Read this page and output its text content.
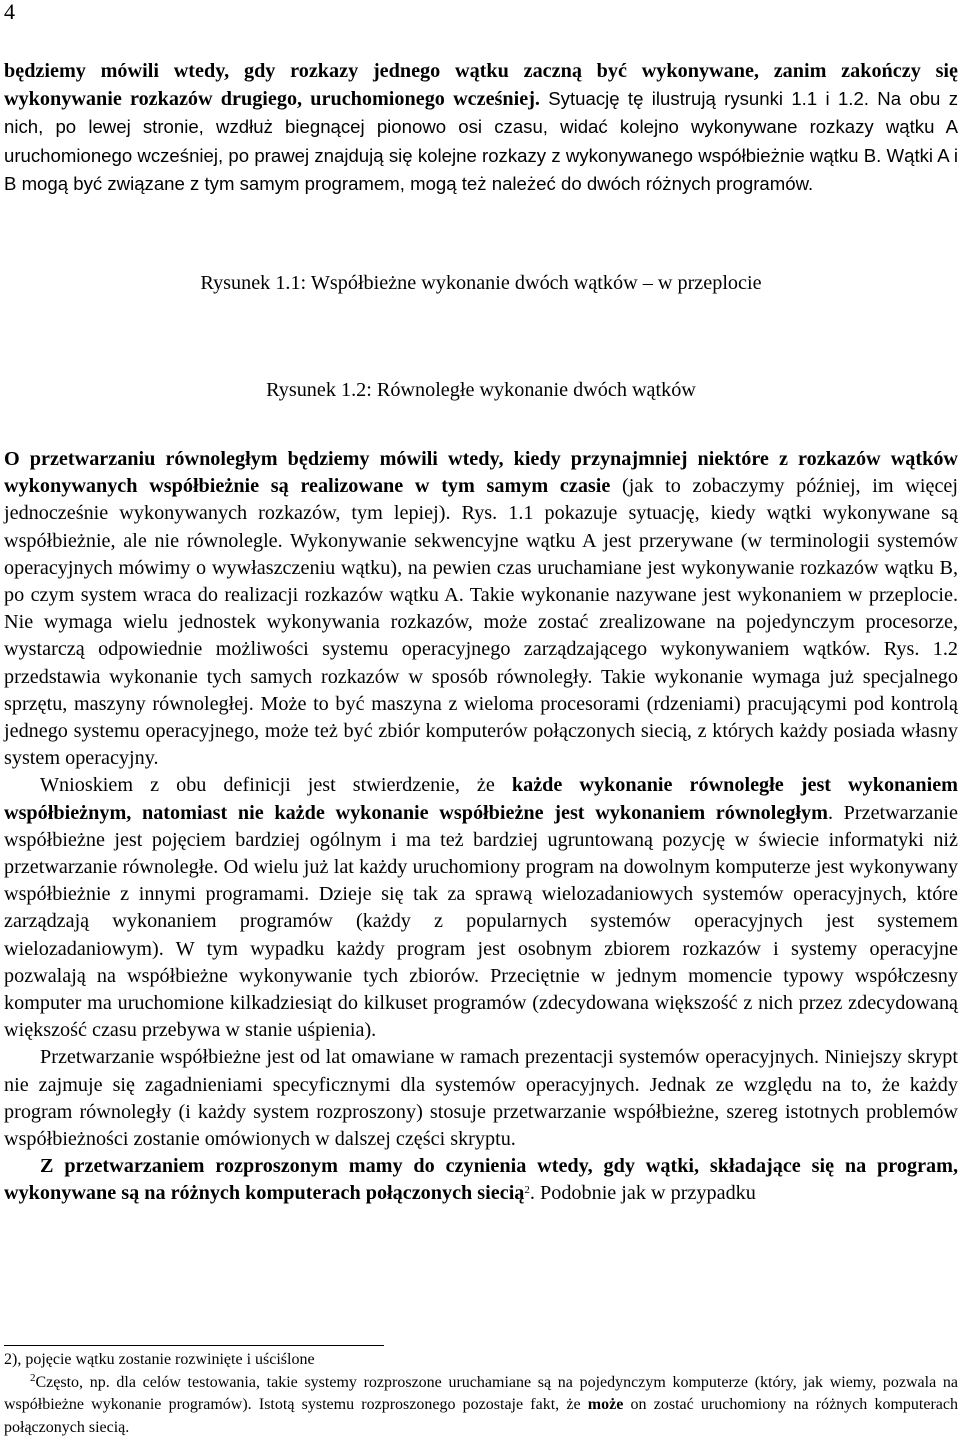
4

będziemy mówili wtedy, gdy rozkazy jednego wątku zaczną być wykonywane, zanim zakończy się wykonywanie rozkazów drugiego, uruchomionego wcześniej. Sytuację tę ilustrują rysunki 1.1 i 1.2. Na obu z nich, po lewej stronie, wzdłuż biegnącej pionowo osi czasu, widać kolejno wykonywane rozkazy wątku A uruchomionego wcześniej, po prawej znajdują się kolejne rozkazy z wykonywanego współbieżnie wątku B. Wątki A i B mogą być związane z tym samym programem, mogą też należeć do dwóch różnych programów.

Rysunek 1.1: Współbieżne wykonanie dwóch wątków – w przeplocie
Rysunek 1.2: Równoległe wykonanie dwóch wątków

O przetwarzaniu równoległym będziemy mówili wtedy, kiedy przynajmniej niektóre z rozkazów wątków wykonywanych współbieżnie są realizowane w tym samym czasie (jak to zobaczymy później, im więcej jednocześnie wykonywanych rozkazów, tym lepiej). Rys. 1.1 pokazuje sytuację, kiedy wątki wykonywane są współbieżnie, ale nie równolegle. Wykonywanie sekwencyjne wątku A jest przerywane (w terminologii systemów operacyjnych mówimy o wywłaszczeniu wątku), na pewien czas uruchamiane jest wykonywanie rozkazów wątku B, po czym system wraca do realizacji rozkazów wątku A. Takie wykonanie nazywane jest wykonaniem w przeplocie. Nie wymaga wielu jednostek wykonywania rozkazów, może zostać zrealizowane na pojedynczym procesorze, wystarczą odpowiednie możliwości systemu operacyjnego zarządzającego wykonywaniem wątków. Rys. 1.2 przedstawia wykonanie tych samych rozkazów w sposób równoległy. Takie wykonanie wymaga już specjalnego sprzętu, maszyny równoległej. Może to być maszyna z wieloma procesorami (rdzeniami) pracującymi pod kontrolą jednego systemu operacyjnego, może też być zbiór komputerów połączonych siecią, z których każdy posiada własny system operacyjny.

Wnioskiem z obu definicji jest stwierdzenie, że każde wykonanie równoległe jest wykonaniem współbieżnym, natomiast nie każde wykonanie współbieżne jest wykonaniem równoległym. Przetwarzanie współbieżne jest pojęciem bardziej ogólnym i ma też bardziej ugruntowaną pozycję w świecie informatyki niż przetwarzanie równoległe. Od wielu już lat każdy uruchomiony program na dowolnym komputerze jest wykonywany współbieżnie z innymi programami. Dzieje się tak za sprawą wielozadaniowych systemów operacyjnych, które zarządzają wykonaniem programów (każdy z popularnych systemów operacyjnych jest systemem wielozadaniowym). W tym wypadku każdy program jest osobnym zbiorem rozkazów i systemy operacyjne pozwalają na współbieżne wykonywanie tych zbiorów. Przeciętnie w jednym momencie typowy współczesny komputer ma uruchomione kilkadziesiąt do kilkuset programów (zdecydowana większość z nich przez zdecydowaną większość czasu przebywa w stanie uśpienia).

Przetwarzanie współbieżne jest od lat omawiane w ramach prezentacji systemów operacyjnych. Niniejszy skrypt nie zajmuje się zagadnieniami specyficznymi dla systemów operacyjnych. Jednak ze względu na to, że każdy program równoległy (i każdy system rozproszony) stosuje przetwarzanie współbieżne, szereg istotnych problemów współbieżności zostanie omówionych w dalszej części skryptu.

Z przetwarzaniem rozproszonym mamy do czynienia wtedy, gdy wątki, składające się na program, wykonywane są na różnych komputerach połączonych siecią$^2$. Podobnie jak w przypadku

2), pojęcie wątku zostanie rozwinięte i uściślone

$^2$Często, np. dla celów testowania, takie systemy rozproszone uruchamiane są na pojedynczym komputerze (który, jak wiemy, pozwala na współbieżne wykonanie programów). Istotą systemu rozproszonego pozostaje fakt, że może on zostać uruchomiony na różnych komputerach połączonych siecią.
